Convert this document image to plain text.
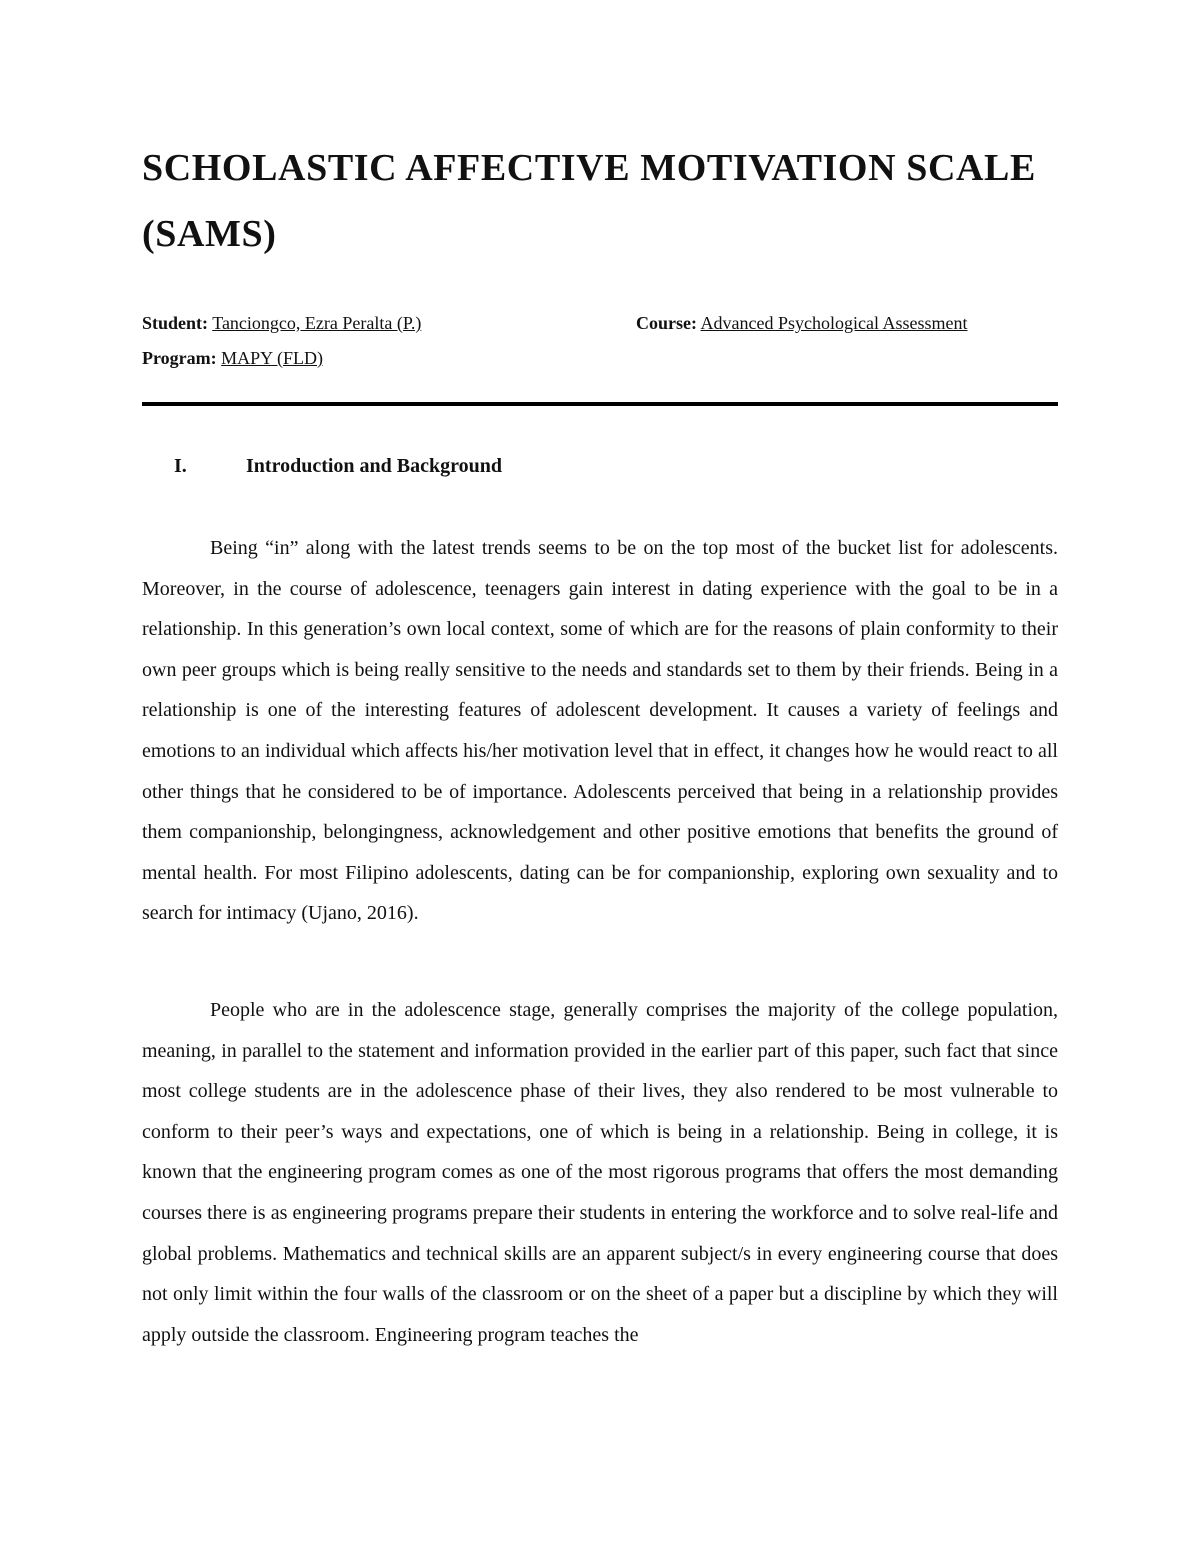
SCHOLASTIC AFFECTIVE MOTIVATION SCALE (SAMS)
Student: Tanciongco, Ezra Peralta (P.)	Course: Advanced Psychological Assessment
Program: MAPY (FLD)
I.	Introduction and Background

Being “in” along with the latest trends seems to be on the top most of the bucket list for adolescents. Moreover, in the course of adolescence, teenagers gain interest in dating experience with the goal to be in a relationship. In this generation’s own local context, some of which are for the reasons of plain conformity to their own peer groups which is being really sensitive to the needs and standards set to them by their friends. Being in a relationship is one of the interesting features of adolescent development. It causes a variety of feelings and emotions to an individual which affects his/her motivation level that in effect, it changes how he would react to all other things that he considered to be of importance. Adolescents perceived that being in a relationship provides them companionship, belongingness, acknowledgement and other positive emotions that benefits the ground of mental health. For most Filipino adolescents, dating can be for companionship, exploring own sexuality and to search for intimacy (Ujano, 2016).

People who are in the adolescence stage, generally comprises the majority of the college population, meaning, in parallel to the statement and information provided in the earlier part of this paper, such fact that since most college students are in the adolescence phase of their lives, they also rendered to be most vulnerable to conform to their peer’s ways and expectations, one of which is being in a relationship. Being in college, it is known that the engineering program comes as one of the most rigorous programs that offers the most demanding courses there is as engineering programs prepare their students in entering the workforce and to solve real-life and global problems. Mathematics and technical skills are an apparent subject/s in every engineering course that does not only limit within the four walls of the classroom or on the sheet of a paper but a discipline by which they will apply outside the classroom. Engineering program teaches the
